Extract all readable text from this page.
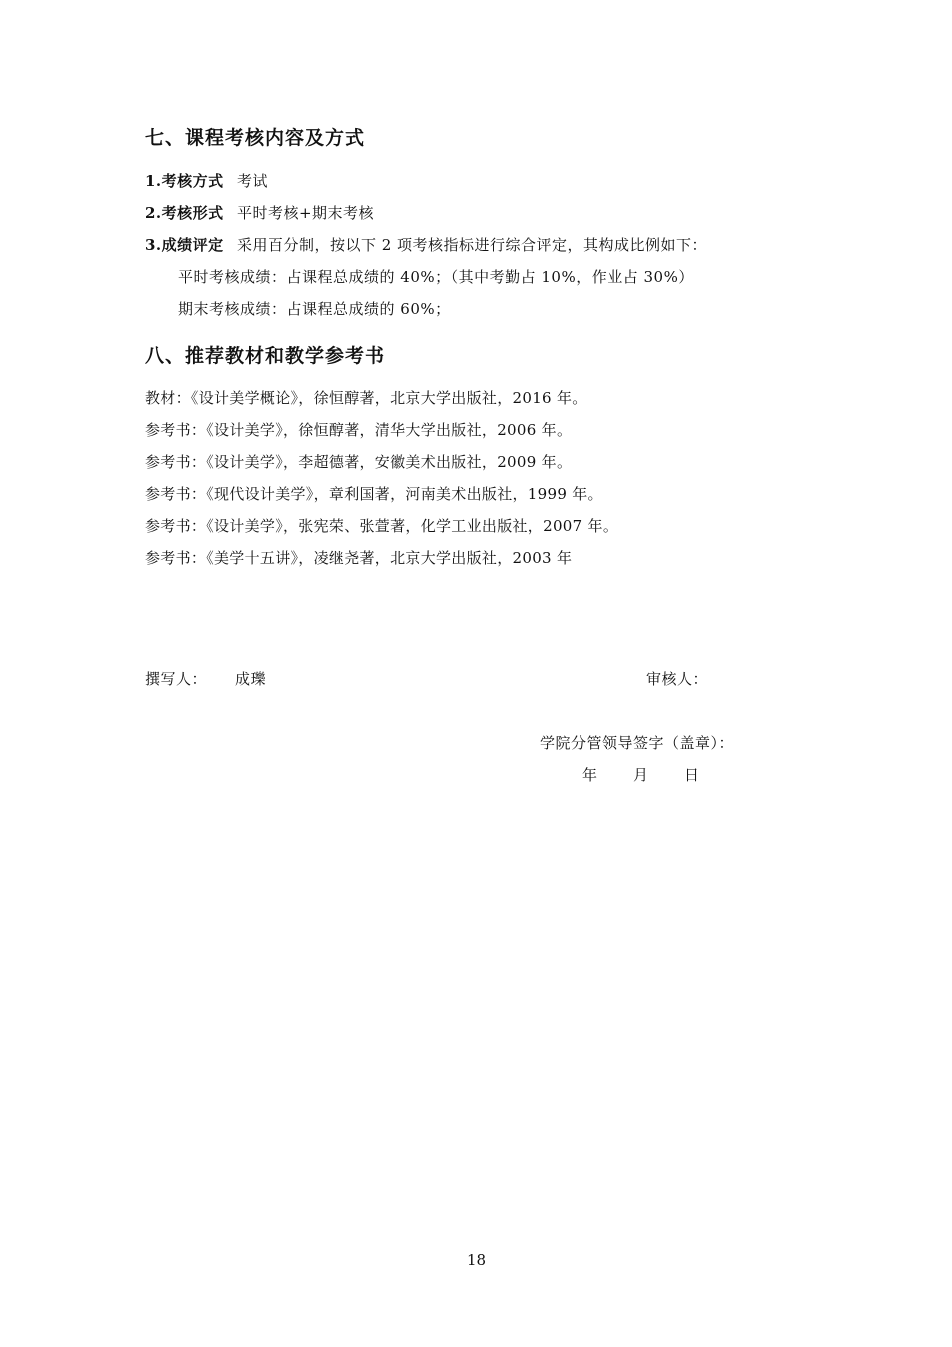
七、课程考核内容及方式
1.考核方式 考试
2.考核形式 平时考核+期末考核
3.成绩评定 采用百分制，按以下 2 项考核指标进行综合评定，其构成比例如下：
平时考核成绩：占课程总成绩的 40%；（其中考勤占 10%，作业占 30%）
期末考核成绩：占课程总成绩的 60%；
八、推荐教材和教学参考书
教材：《设计美学概论》，徐恒醇著，北京大学出版社，2016 年。
参考书：《设计美学》，徐恒醇著，清华大学出版社，2006 年。
参考书：《设计美学》，李超德著，安徽美术出版社，2009 年。
参考书：《现代设计美学》，章利国著，河南美术出版社，1999 年。
参考书：《设计美学》，张宪荣、张萱著，化学工业出版社，2007 年。
参考书：《美学十五讲》，凌继尧著，北京大学出版社，2003 年
撰写人： 成瓅	审核人：
学院分管领导签字（盖章）：
年 月 日
18
